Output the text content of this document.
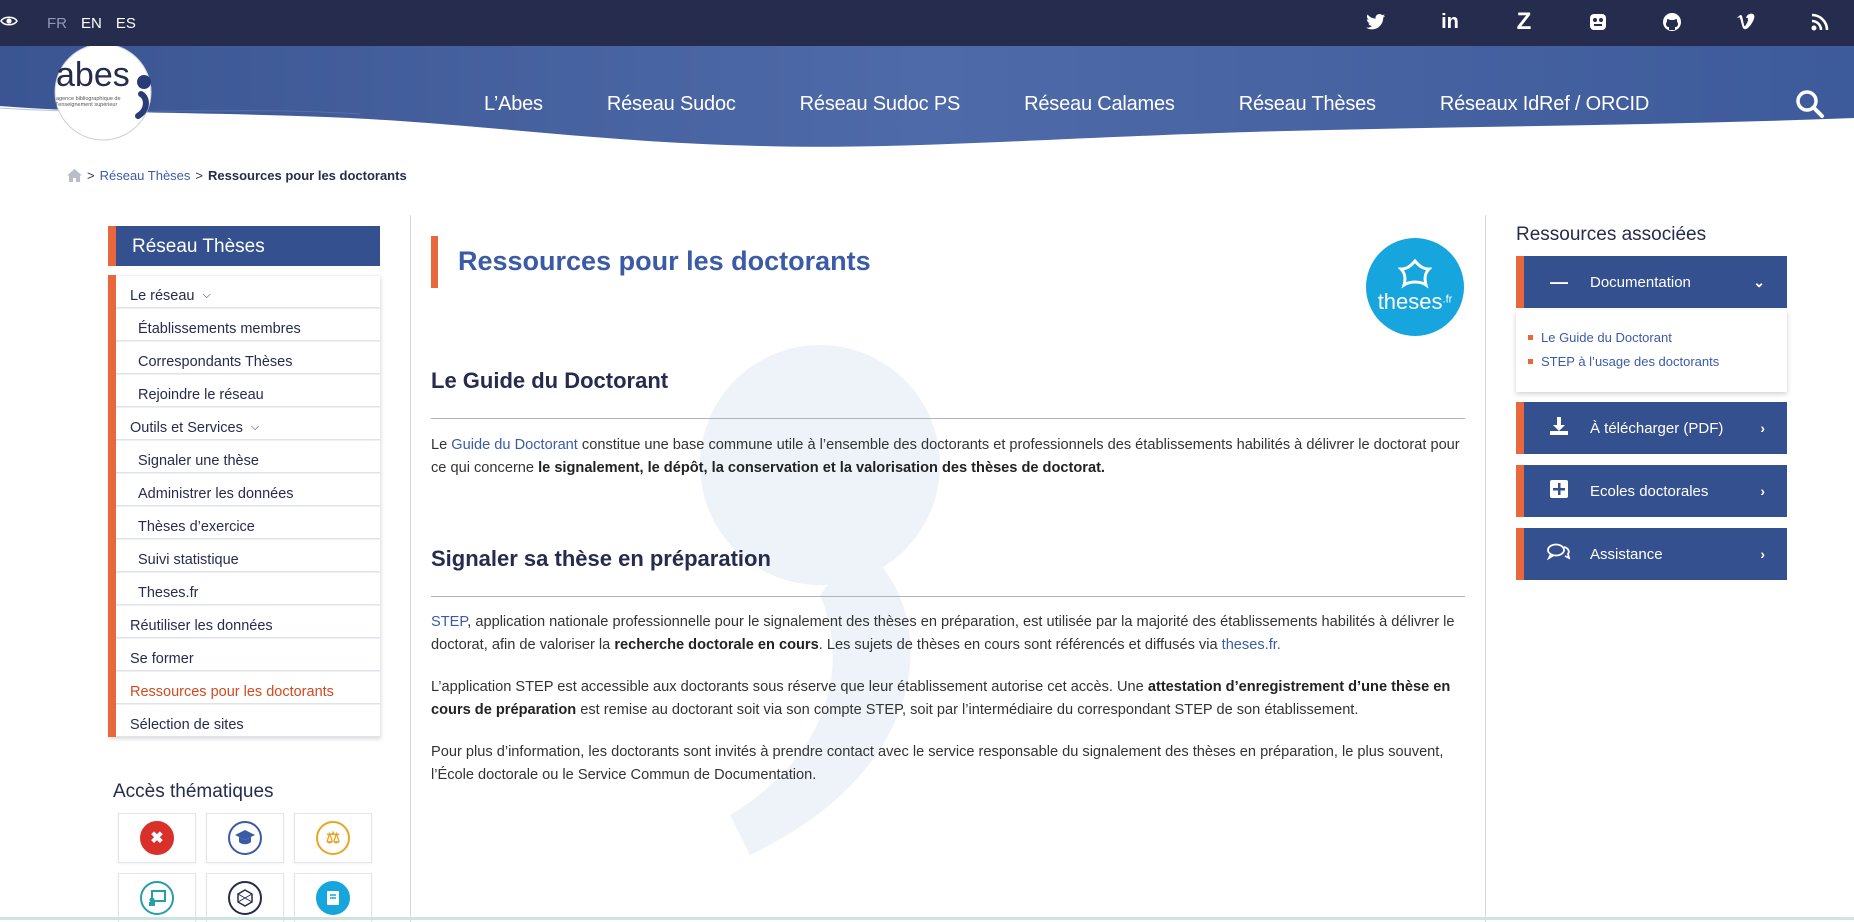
FR EN ES	in Z
abes
agence bibliographique de l'enseignement supérieur	L’Abes	Réseau Sudoc	Réseau Sudoc PS	Réseau Calames	Réseau Thèses	Réseaux IdRef / ORCID
> Réseau Thèses > Ressources pour les doctorants
Réseau Thèses
Le réseau ⌵
Établissements membres
Correspondants Thèses
Rejoindre le réseau
Outils et Services ⌵
Signaler une thèse
Administrer les données
Thèses d’exercice
Suivi statistique
Theses.fr
Réutiliser les données
Se former
Ressources pour les doctorants
Sélection de sites
Accès thématiques
✖	⚖
Ressources pour les doctorants
theses$^{.fr}$
Le Guide du Doctorant

Le Guide du Doctorant constitue une base commune utile à l’ensemble des doctorants et professionnels des établissements habilités à délivrer le doctorat pour ce qui concerne le signalement, le dépôt, la conservation et la valorisation des thèses de doctorat.

Signaler sa thèse en préparation

STEP, application nationale professionnelle pour le signalement des thèses en préparation, est utilisée par la majorité des établissements habilités à délivrer le doctorat, afin de valoriser la recherche doctorale en cours. Les sujets de thèses en cours sont référencés et diffusés via theses.fr.

L’application STEP est accessible aux doctorants sous réserve que leur établissement autorise cet accès. Une attestation d’enregistrement d’une thèse en cours de préparation est remise au doctorant soit via son compte STEP, soit par l’intermédiaire du correspondant STEP de son établissement.

Pour plus d’information, les doctorants sont invités à prendre contact avec le service responsable du signalement des thèses en préparation, le plus souvent, l’École doctorale ou le Service Commun de Documentation.

Ressources associées
—	Documentation	⌄
Le Guide du Doctorant
STEP à l’usage des doctorants
À télécharger (PDF)	›
Ecoles doctorales	›
Assistance	›
